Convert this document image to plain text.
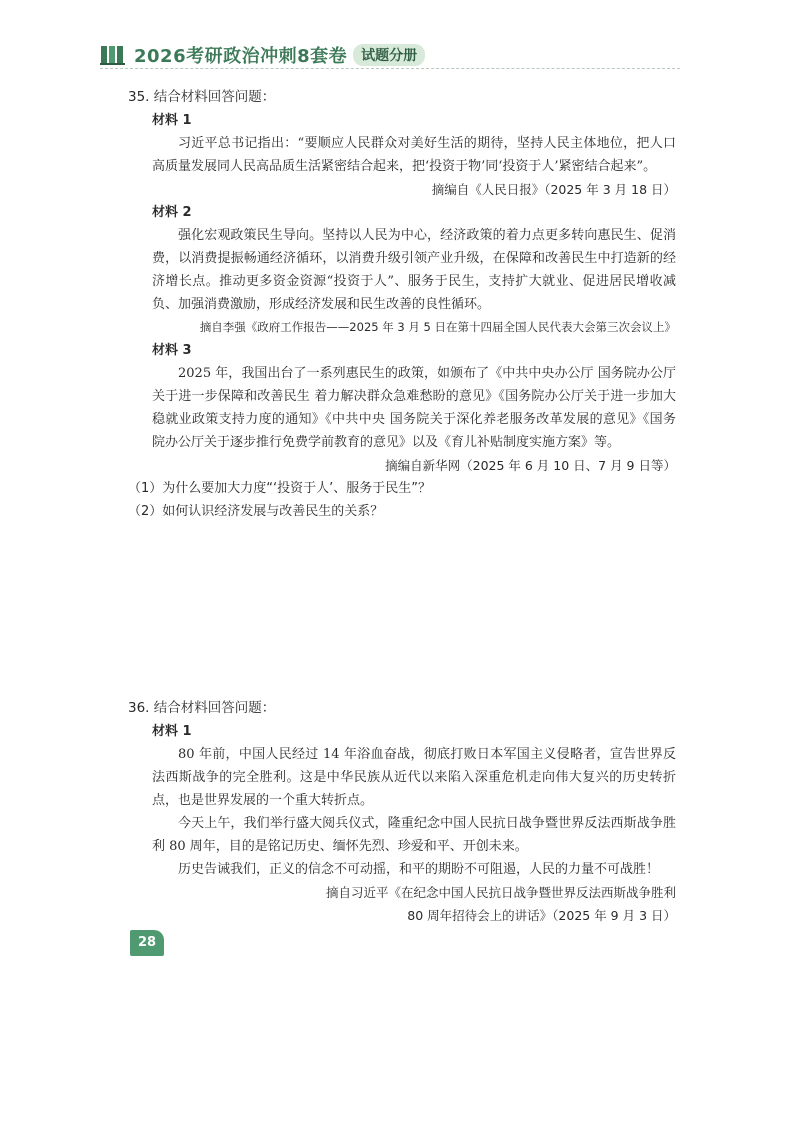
2026考研政治冲刺8套卷	试题分册

35. 结合材料回答问题：

材料 1

习近平总书记指出：“要顺应人民群众对美好生活的期待，坚持人民主体地位，把人口高质量发展同人民高品质生活紧密结合起来，把‘投资于物’同‘投资于人’紧密结合起来”。

摘编自《人民日报》（2025 年 3 月 18 日）

材料 2

强化宏观政策民生导向。坚持以人民为中心，经济政策的着力点更多转向惠民生、促消费，以消费提振畅通经济循环，以消费升级引领产业升级，在保障和改善民生中打造新的经济增长点。推动更多资金资源“投资于人”、服务于民生，支持扩大就业、促进居民增收减负、加强消费激励，形成经济发展和民生改善的良性循环。

摘自李强《政府工作报告——2025 年 3 月 5 日在第十四届全国人民代表大会第三次会议上》

材料 3

2025 年，我国出台了一系列惠民生的政策，如颁布了《中共中央办公厅 国务院办公厅关于进一步保障和改善民生 着力解决群众急难愁盼的意见》《国务院办公厅关于进一步加大稳就业政策支持力度的通知》《中共中央 国务院关于深化养老服务改革发展的意见》《国务院办公厅关于逐步推行免费学前教育的意见》以及《育儿补贴制度实施方案》等。

摘编自新华网（2025 年 6 月 10 日、7 月 9 日等）

（1）为什么要加大力度“‘投资于人’、服务于民生”？

（2）如何认识经济发展与改善民生的关系？

36. 结合材料回答问题：

材料 1

80 年前，中国人民经过 14 年浴血奋战，彻底打败日本军国主义侵略者，宣告世界反法西斯战争的完全胜利。这是中华民族从近代以来陷入深重危机走向伟大复兴的历史转折点，也是世界发展的一个重大转折点。

今天上午，我们举行盛大阅兵仪式，隆重纪念中国人民抗日战争暨世界反法西斯战争胜利 80 周年，目的是铭记历史、缅怀先烈、珍爱和平、开创未来。

历史告诫我们，正义的信念不可动摇，和平的期盼不可阻遏，人民的力量不可战胜！

摘自习近平《在纪念中国人民抗日战争暨世界反法西斯战争胜利

80 周年招待会上的讲话》（2025 年 9 月 3 日）

28
